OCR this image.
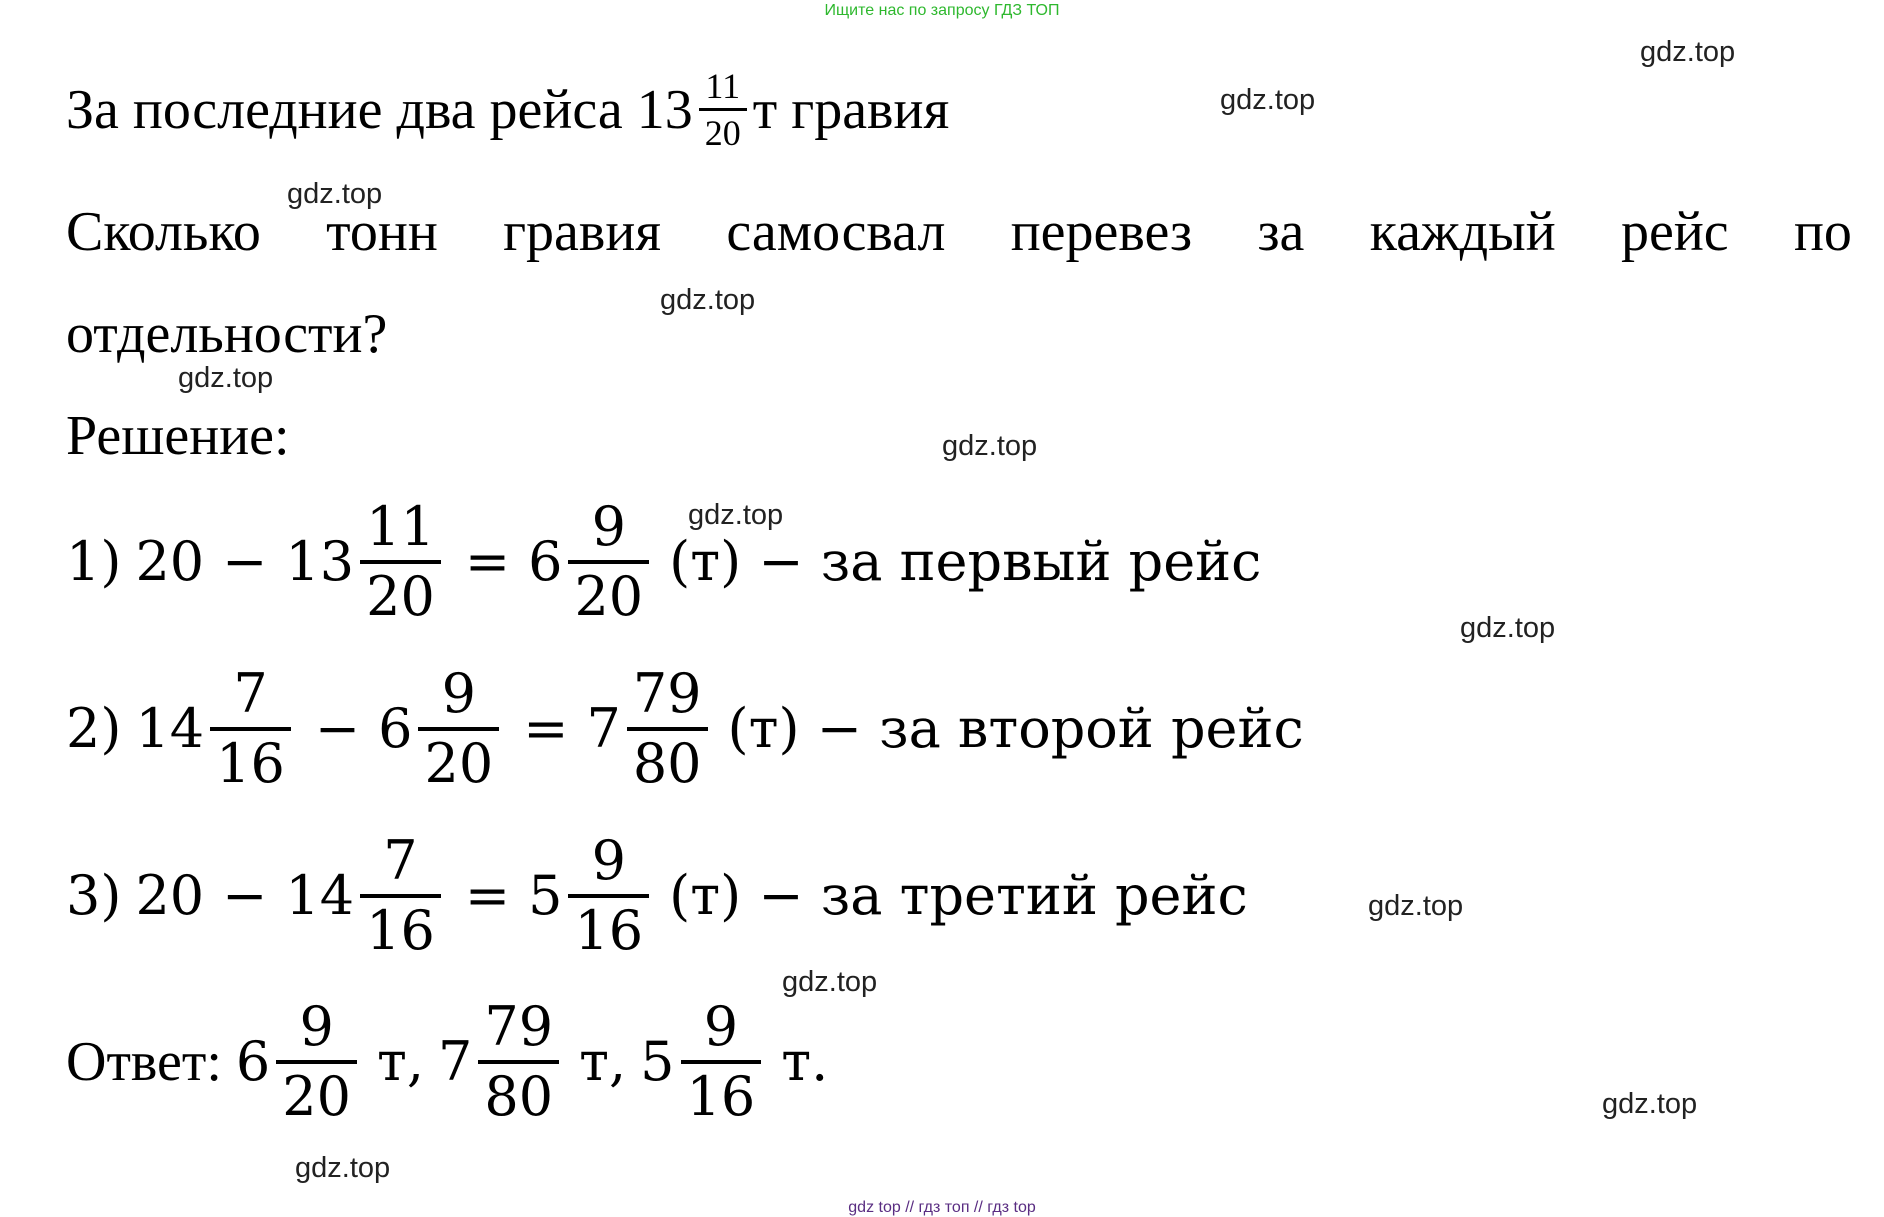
Ищите нас по запросу ГДЗ ТОП
gdz.top
gdz.top
gdz.top
gdz.top
gdz.top
gdz.top
gdz.top
gdz.top
gdz.top
gdz.top
gdz.top
gdz.top
За последние два рейса $13 \frac{11}{20}$ т гравия
Сколько тонн гравия самосвал перевез за каждый рейс по
отдельности?
Решение:
1) $20 - 13 \frac{11}{20} = 6 \frac{9}{20} (т)$ − за первый рейс
2) $14 \frac{7}{16} - 6 \frac{9}{20} = 7 \frac{79}{80} (т)$ − за второй рейс
3) $20 - 14 \frac{7}{16} = 5 \frac{9}{16} (т)$ − за третий рейс
Ответ: $6 \frac{9}{20} т$, $7 \frac{79}{80} т$, $5 \frac{9}{16} т$.
gdz top // гдз топ // гдз top
